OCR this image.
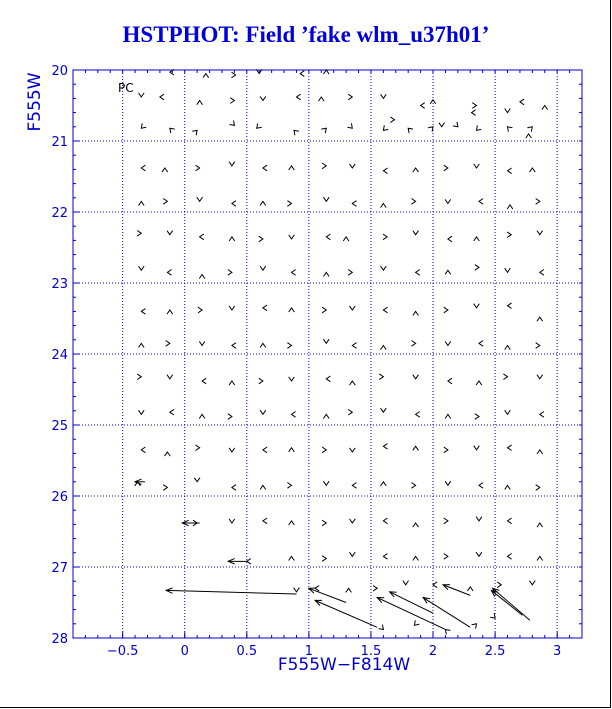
HSTPHOT: Field ’fake wlm_u37h01’
−0.5	0	0.5	1	1.5	2	2.5	3
20
21
22
23
24
25
26
27
28
PC
F555W−F814W
F555W
